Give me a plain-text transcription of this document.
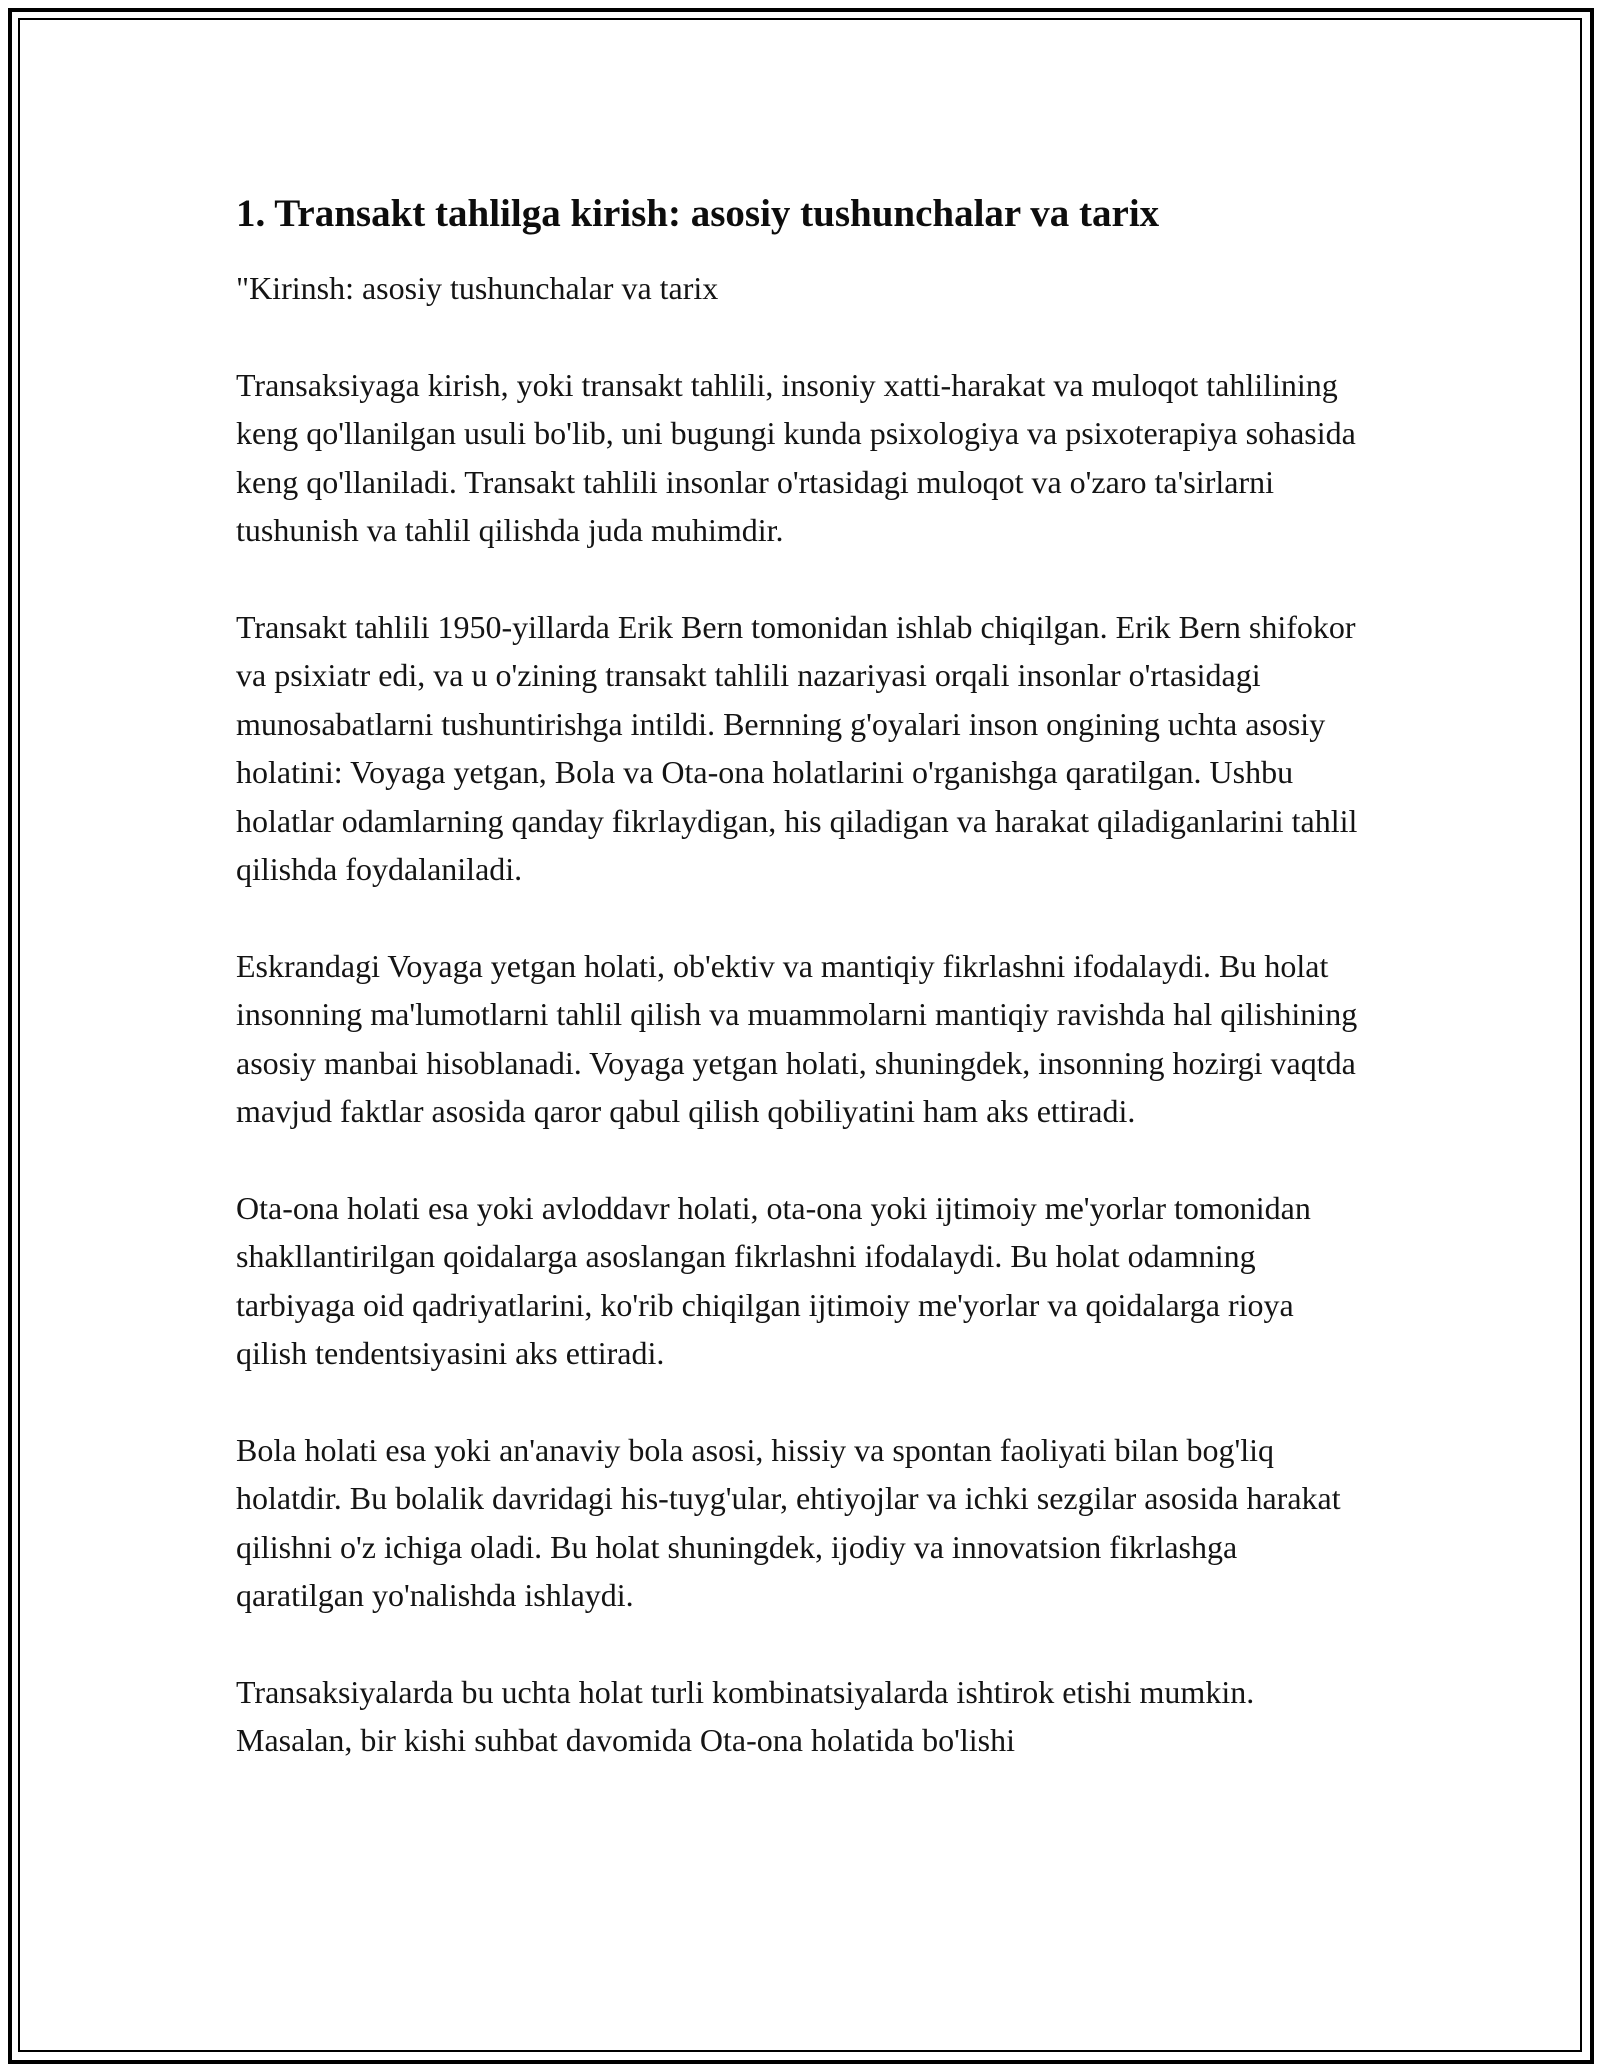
1. Transakt tahlilga kirish: asosiy tushunchalar va tarix

"Kirinsh: asosiy tushunchalar va tarix

Transaksiyaga kirish, yoki transakt tahlili, insoniy xatti-harakat va muloqot tahlilining keng qo'llanilgan usuli bo'lib, uni bugungi kunda psixologiya va psixoterapiya sohasida keng qo'llaniladi. Transakt tahlili insonlar o'rtasidagi muloqot va o'zaro ta'sirlarni tushunish va tahlil qilishda juda muhimdir.

Transakt tahlili 1950-yillarda Erik Bern tomonidan ishlab chiqilgan. Erik Bern shifokor va psixiatr edi, va u o'zining transakt tahlili nazariyasi orqali insonlar o'rtasidagi munosabatlarni tushuntirishga intildi. Bernning g'oyalari inson ongining uchta asosiy holatini: Voyaga yetgan, Bola va Ota-ona holatlarini o'rganishga qaratilgan. Ushbu holatlar odamlarning qanday fikrlaydigan, his qiladigan va harakat qiladiganlarini tahlil qilishda foydalaniladi.

Eskrandagi Voyaga yetgan holati, ob'ektiv va mantiqiy fikrlashni ifodalaydi. Bu holat insonning ma'lumotlarni tahlil qilish va muammolarni mantiqiy ravishda hal qilishining asosiy manbai hisoblanadi. Voyaga yetgan holati, shuningdek, insonning hozirgi vaqtda mavjud faktlar asosida qaror qabul qilish qobiliyatini ham aks ettiradi.

Ota-ona holati esa yoki avloddavr holati, ota-ona yoki ijtimoiy me'yorlar tomonidan shakllantirilgan qoidalarga asoslangan fikrlashni ifodalaydi. Bu holat odamning tarbiyaga oid qadriyatlarini, ko'rib chiqilgan ijtimoiy me'yorlar va qoidalarga rioya qilish tendentsiyasini aks ettiradi.

Bola holati esa yoki an'anaviy bola asosi, hissiy va spontan faoliyati bilan bog'liq holatdir. Bu bolalik davridagi his-tuyg'ular, ehtiyojlar va ichki sezgilar asosida harakat qilishni o'z ichiga oladi. Bu holat shuningdek, ijodiy va innovatsion fikrlashga qaratilgan yo'nalishda ishlaydi.

Transaksiyalarda bu uchta holat turli kombinatsiyalarda ishtirok etishi mumkin. Masalan, bir kishi suhbat davomida Ota-ona holatida bo'lishi
